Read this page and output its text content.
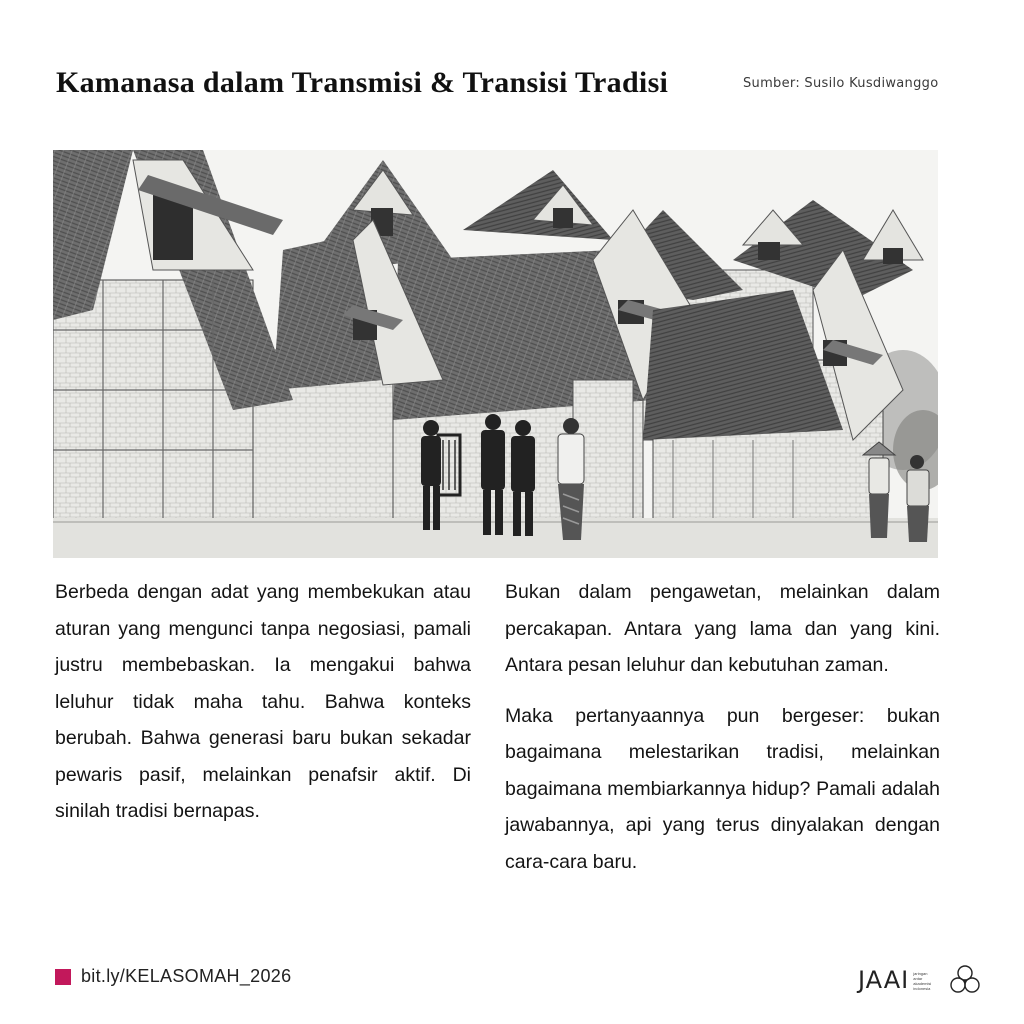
Kamanasa dalam Transmisi & Transisi Tradisi	Sumber: Susilo Kusdiwanggo

Berbeda dengan adat yang membekukan atau aturan yang mengunci tanpa negosiasi, pamali justru membebaskan. Ia mengakui bahwa leluhur tidak maha tahu. Bahwa konteks berubah. Bahwa generasi baru bukan sekadar pewaris pasif, melainkan penafsir aktif. Di sinilah tradisi bernapas.

Bukan dalam pengawetan, melainkan dalam percakapan. Antara yang lama dan yang kini. Antara pesan leluhur dan kebutuhan zaman.

Maka pertanyaannya pun bergeser: bukan bagaimana melestarikan tradisi, melainkan bagaimana membiarkannya hidup? Pamali adalah jawabannya, api yang terus dinyalakan dengan cara-cara baru.

bit.ly/KELASOMAH_2026	JAAI jaringan
antar
akademisi
indonesia
